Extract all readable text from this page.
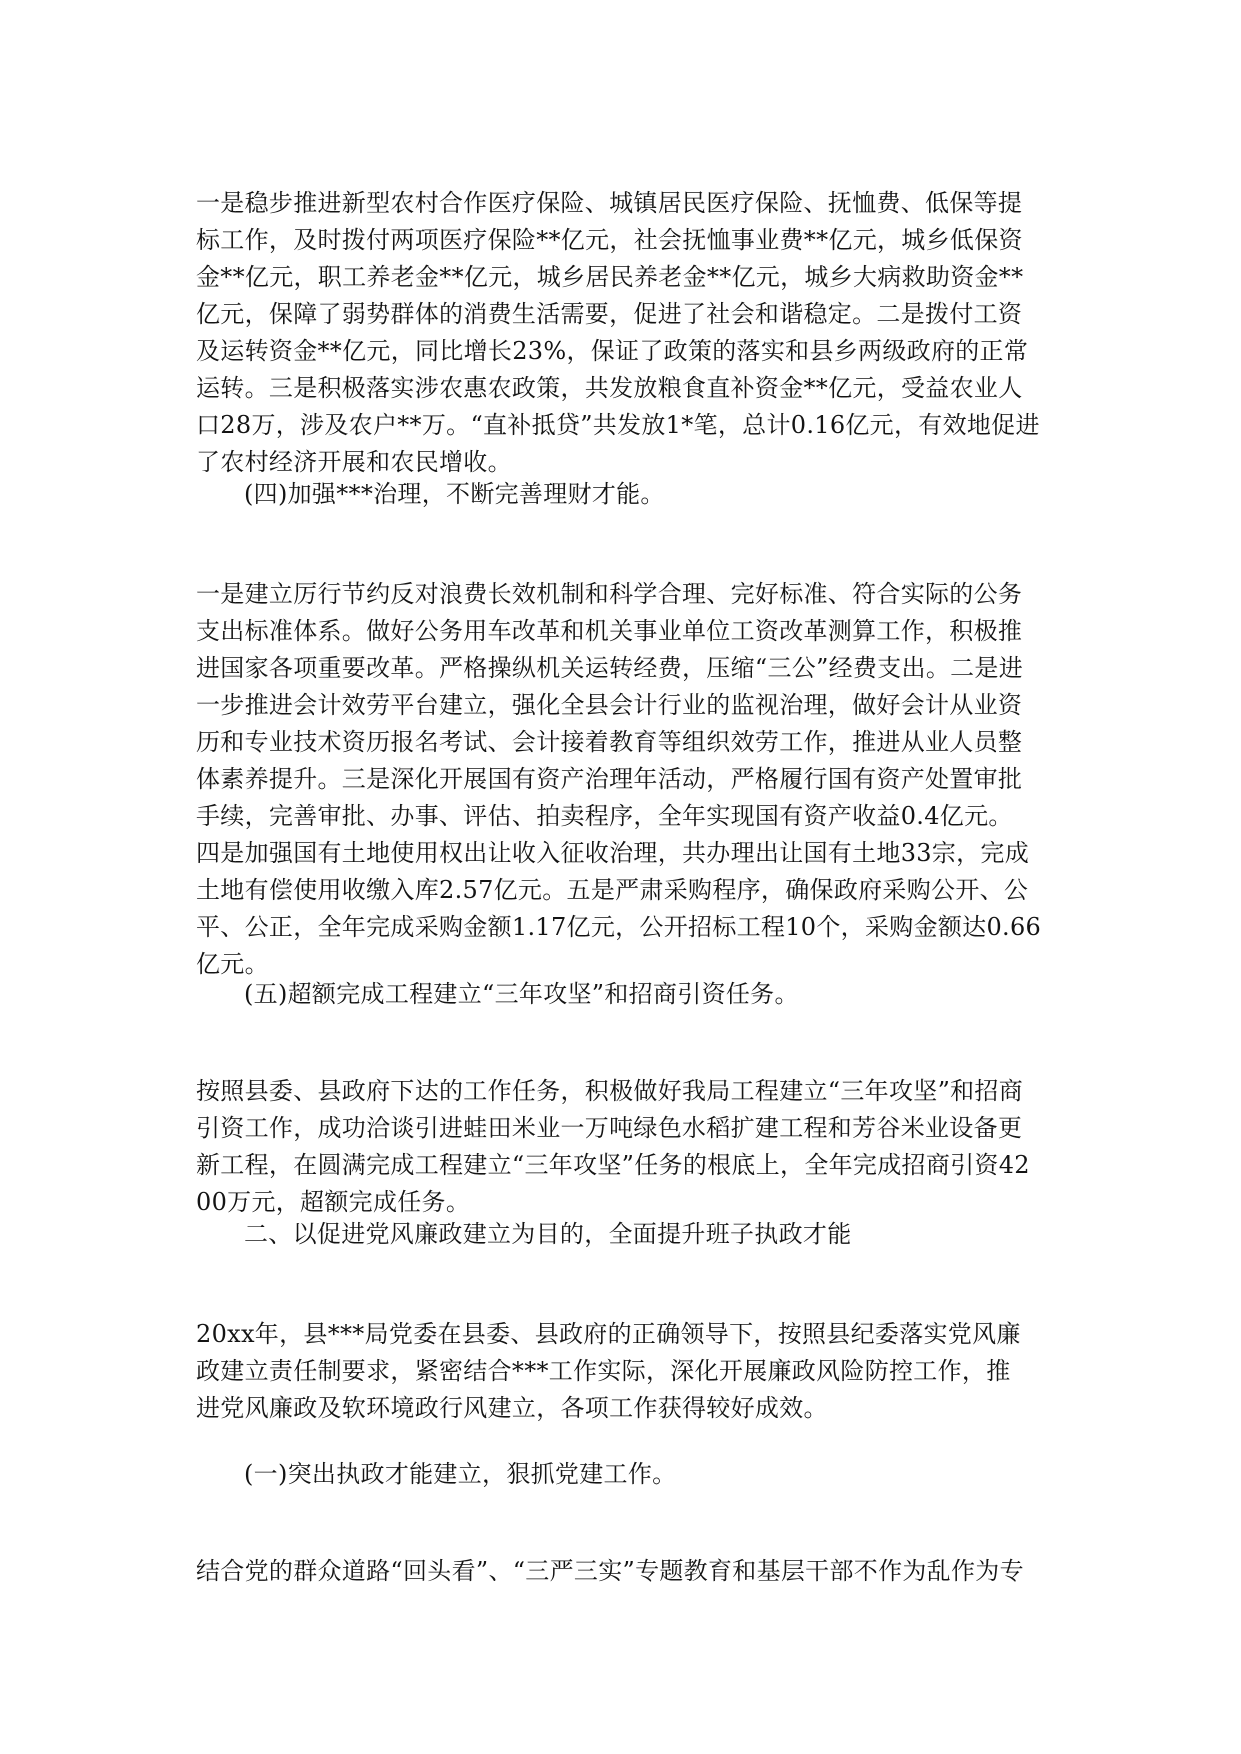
一是稳步推进新型农村合作医疗保险、城镇居民医疗保险、抚恤费、低保等提
标工作，及时拨付两项医疗保险**亿元，社会抚恤事业费**亿元，城乡低保资
金**亿元，职工养老金**亿元，城乡居民养老金**亿元，城乡大病救助资金**
亿元，保障了弱势群体的消费生活需要，促进了社会和谐稳定。二是拨付工资
及运转资金**亿元，同比增长23%，保证了政策的落实和县乡两级政府的正常
运转。三是积极落实涉农惠农政策，共发放粮食直补资金**亿元，受益农业人
口28万，涉及农户**万。“直补抵贷”共发放1*笔，总计0.16亿元，有效地促进
了农村经济开展和农民增收。
(四)加强***治理，不断完善理财才能。
一是建立厉行节约反对浪费长效机制和科学合理、完好标准、符合实际的公务
支出标准体系。做好公务用车改革和机关事业单位工资改革测算工作，积极推
进国家各项重要改革。严格操纵机关运转经费，压缩“三公”经费支出。二是进
一步推进会计效劳平台建立，强化全县会计行业的监视治理，做好会计从业资
历和专业技术资历报名考试、会计接着教育等组织效劳工作，推进从业人员整
体素养提升。三是深化开展国有资产治理年活动，严格履行国有资产处置审批
手续，完善审批、办事、评估、拍卖程序，全年实现国有资产收益0.4亿元。
四是加强国有土地使用权出让收入征收治理，共办理出让国有土地33宗，完成
土地有偿使用收缴入库2.57亿元。五是严肃采购程序，确保政府采购公开、公
平、公正，全年完成采购金额1.17亿元，公开招标工程10个，采购金额达0.66
亿元。
(五)超额完成工程建立“三年攻坚”和招商引资任务。
按照县委、县政府下达的工作任务，积极做好我局工程建立“三年攻坚”和招商
引资工作，成功洽谈引进蛙田米业一万吨绿色水稻扩建工程和芳谷米业设备更
新工程，在圆满完成工程建立“三年攻坚”任务的根底上，全年完成招商引资42
00万元，超额完成任务。
二、以促进党风廉政建立为目的，全面提升班子执政才能
20xx年，县***局党委在县委、县政府的正确领导下，按照县纪委落实党风廉
政建立责任制要求，紧密结合***工作实际，深化开展廉政风险防控工作，推
进党风廉政及软环境政行风建立，各项工作获得较好成效。
(一)突出执政才能建立，狠抓党建工作。
结合党的群众道路“回头看”、“三严三实”专题教育和基层干部不作为乱作为专
